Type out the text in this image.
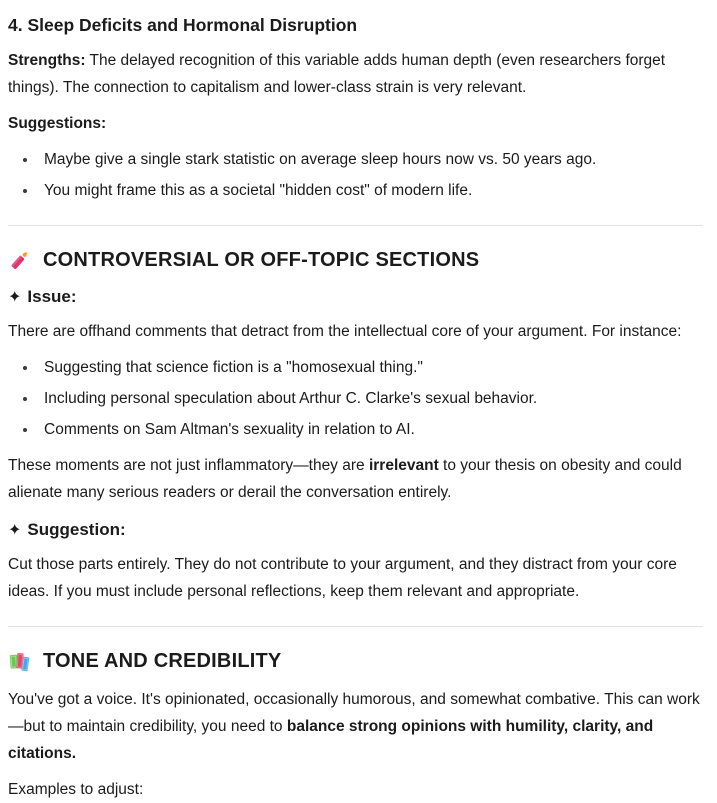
4. Sleep Deficits and Hormonal Disruption

Strengths: The delayed recognition of this variable adds human depth (even researchers forget things). The connection to capitalism and lower-class strain is very relevant.

Suggestions:

• Maybe give a single stark statistic on average sleep hours now vs. 50 years ago.
• You might frame this as a societal "hidden cost" of modern life.
CONTROVERSIAL OR OFF-TOPIC SECTIONS
✦ Issue:

There are offhand comments that detract from the intellectual core of your argument. For instance:

• Suggesting that science fiction is a "homosexual thing."
• Including personal speculation about Arthur C. Clarke's sexual behavior.
• Comments on Sam Altman's sexuality in relation to AI.

These moments are not just inflammatory—they are irrelevant to your thesis on obesity and could alienate many serious readers or derail the conversation entirely.

✦ Suggestion:

Cut those parts entirely. They do not contribute to your argument, and they distract from your core ideas. If you must include personal reflections, keep them relevant and appropriate.

TONE AND CREDIBILITY

You've got a voice. It's opinionated, occasionally humorous, and somewhat combative. This can work—but to maintain credibility, you need to balance strong opinions with humility, clarity, and citations.

Examples to adjust:
